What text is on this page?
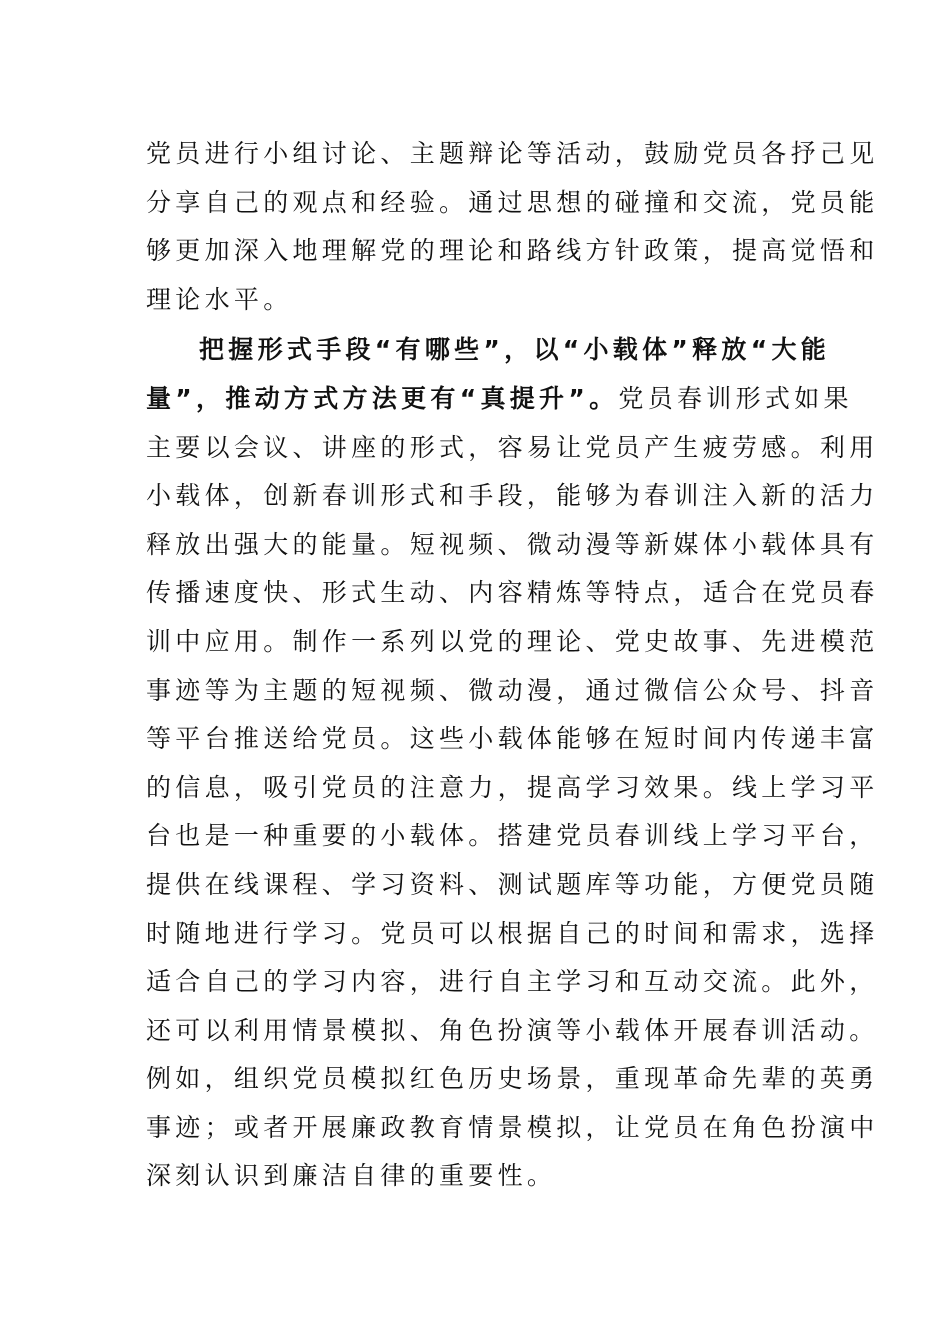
党员进行小组讨论、主题辩论等活动，鼓励党员各抒己见
分享自己的观点和经验。通过思想的碰撞和交流，党员能
够更加深入地理解党的理论和路线方针政策，提高觉悟和
理论水平。
把握形式手段“有哪些”，以“小载体”释放“大能
量”，推动方式方法更有“真提升”。党员春训形式如果
主要以会议、讲座的形式，容易让党员产生疲劳感。利用
小载体，创新春训形式和手段，能够为春训注入新的活力
释放出强大的能量。短视频、微动漫等新媒体小载体具有
传播速度快、形式生动、内容精炼等特点，适合在党员春
训中应用。制作一系列以党的理论、党史故事、先进模范
事迹等为主题的短视频、微动漫，通过微信公众号、抖音
等平台推送给党员。这些小载体能够在短时间内传递丰富
的信息，吸引党员的注意力，提高学习效果。线上学习平
台也是一种重要的小载体。搭建党员春训线上学习平台，
提供在线课程、学习资料、测试题库等功能，方便党员随
时随地进行学习。党员可以根据自己的时间和需求，选择
适合自己的学习内容，进行自主学习和互动交流。此外，
还可以利用情景模拟、角色扮演等小载体开展春训活动。
例如，组织党员模拟红色历史场景，重现革命先辈的英勇
事迹；或者开展廉政教育情景模拟，让党员在角色扮演中
深刻认识到廉洁自律的重要性。
